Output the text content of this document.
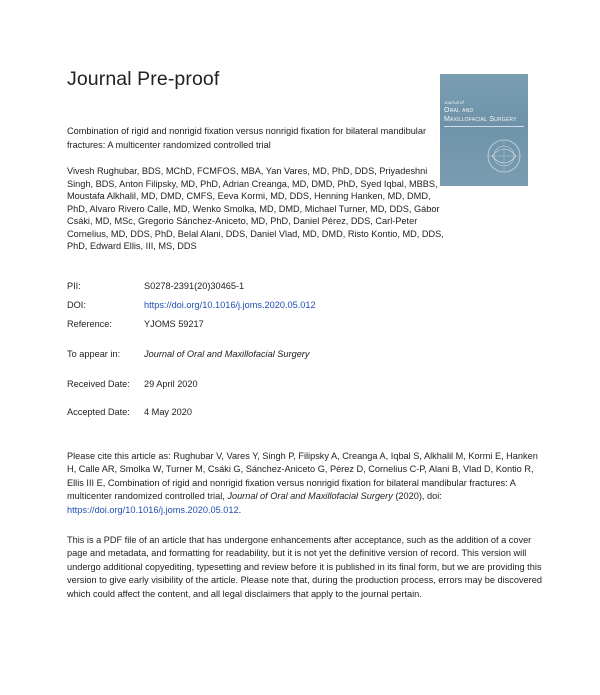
Journal Pre-proof
Journal of
Oral and
Maxillofacial Surgery
Combination of rigid and nonrigid fixation versus nonrigid fixation for bilateral mandibular fractures: A multicenter randomized controlled trial
Vivesh Rughubar, BDS, MChD, FCMFOS, MBA, Yan Vares, MD, PhD, DDS, Priyadeshni Singh, BDS, Anton Filipsky, MD, PhD, Adrian Creanga, MD, DMD, PhD, Syed Iqbal, MBBS, Moustafa Alkhalil, MD, DMD, CMFS, Eeva Kormi, MD, DDS, Henning Hanken, MD, DMD, PhD, Alvaro Rivero Calle, MD, Wenko Smolka, MD, DMD, Michael Turner, MD, DDS, Gábor Csáki, MD, MSc, Gregorio Sánchez-Aniceto, MD, PhD, Daniel Pérez, DDS, Carl-Peter Cornelius, MD, DDS, PhD, Belal Alani, DDS, Daniel Vlad, MD, DMD, Risto Kontio, MD, DDS, PhD, Edward Ellis, III, MS, DDS
PII:	S0278-2391(20)30465-1
DOI:	https://doi.org/10.1016/j.joms.2020.05.012
Reference:	YJOMS 59217
To appear in:	Journal of Oral and Maxillofacial Surgery
Received Date: 29 April 2020
Accepted Date: 4 May 2020
Please cite this article as: Rughubar V, Vares Y, Singh P, Filipsky A, Creanga A, Iqbal S, Alkhalil M, Kormi E, Hanken H, Calle AR, Smolka W, Turner M, Csáki G, Sánchez-Aniceto G, Pérez D, Cornelius C-P, Alani B, Vlad D, Kontio R, Ellis III E, Combination of rigid and nonrigid fixation versus nonrigid fixation for bilateral mandibular fractures: A multicenter randomized controlled trial, Journal of Oral and Maxillofacial Surgery (2020), doi: https://doi.org/10.1016/j.joms.2020.05.012.
This is a PDF file of an article that has undergone enhancements after acceptance, such as the addition of a cover page and metadata, and formatting for readability, but it is not yet the definitive version of record. This version will undergo additional copyediting, typesetting and review before it is published in its final form, but we are providing this version to give early visibility of the article. Please note that, during the production process, errors may be discovered which could affect the content, and all legal disclaimers that apply to the journal pertain.
